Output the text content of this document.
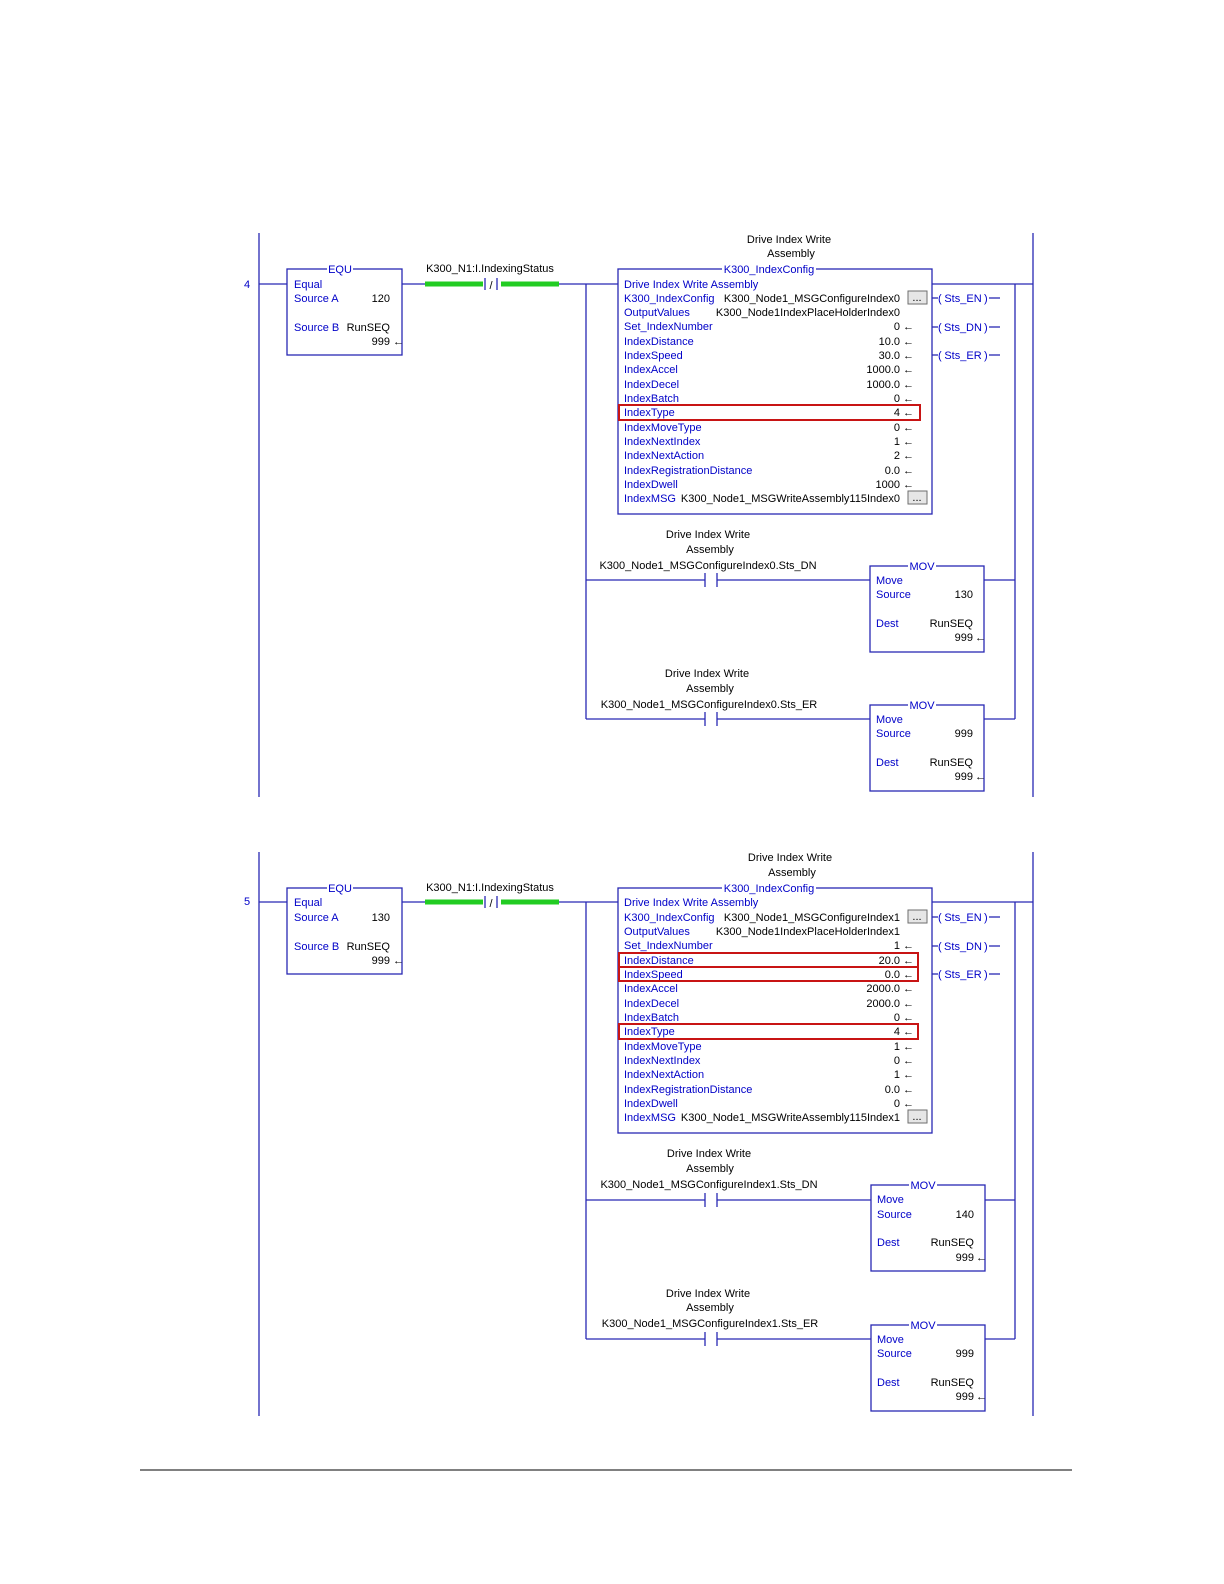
4
EQU
Equal
Source A	120
Source B RunSEQ
999 ←
K300_N1:I.IndexingStatus
/
Drive Index Write
Assembly
K300_IndexConfig
Drive Index Write Assembly
K300_IndexConfig K300_Node1_MSGConfigureIndex0 ...
OutputValues K300_Node1IndexPlaceHolderIndex0
Set_IndexNumber	0 ←
IndexDistance	10.0 ←
IndexSpeed	30.0 ←
IndexAccel	1000.0 ←
IndexDecel	1000.0 ←
IndexBatch	0 ←
IndexType	4 ←
IndexMoveType	0 ←
IndexNextIndex	1 ←
IndexNextAction	2 ←
IndexRegistrationDistance	0.0 ←
IndexDwell	1000 ←
IndexMSG K300_Node1_MSGWriteAssembly115Index0 ...
( Sts_EN )
( Sts_DN )
( Sts_ER )
Drive Index Write
Assembly
K300_Node1_MSGConfigureIndex0.Sts_DN	MOV
Move
Source	130
Dest	RunSEQ
999 ←
Drive Index Write
Assembly
K300_Node1_MSGConfigureIndex0.Sts_ER	MOV
Move
Source	999
Dest	RunSEQ
999 ←
5
EQU
Equal
Source A	130
Source B RunSEQ
999 ←
K300_N1:I.IndexingStatus
/
Drive Index Write
Assembly
K300_IndexConfig
Drive Index Write Assembly
K300_IndexConfig K300_Node1_MSGConfigureIndex1 ...
OutputValues K300_Node1IndexPlaceHolderIndex1
Set_IndexNumber	1 ←
IndexDistance	20.0 ←
IndexSpeed	0.0 ←
IndexAccel	2000.0 ←
IndexDecel	2000.0 ←
IndexBatch	0 ←
IndexType	4 ←
IndexMoveType	1 ←
IndexNextIndex	0 ←
IndexNextAction	1 ←
IndexRegistrationDistance	0.0 ←
IndexDwell	0 ←
IndexMSG K300_Node1_MSGWriteAssembly115Index1 ...
( Sts_EN )
( Sts_DN )
( Sts_ER )
Drive Index Write
Assembly
K300_Node1_MSGConfigureIndex1.Sts_DN	MOV
Move
Source	140
Dest	RunSEQ
999 ←
Drive Index Write
Assembly
K300_Node1_MSGConfigureIndex1.Sts_ER	MOV
Move
Source	999
Dest	RunSEQ
999 ←
